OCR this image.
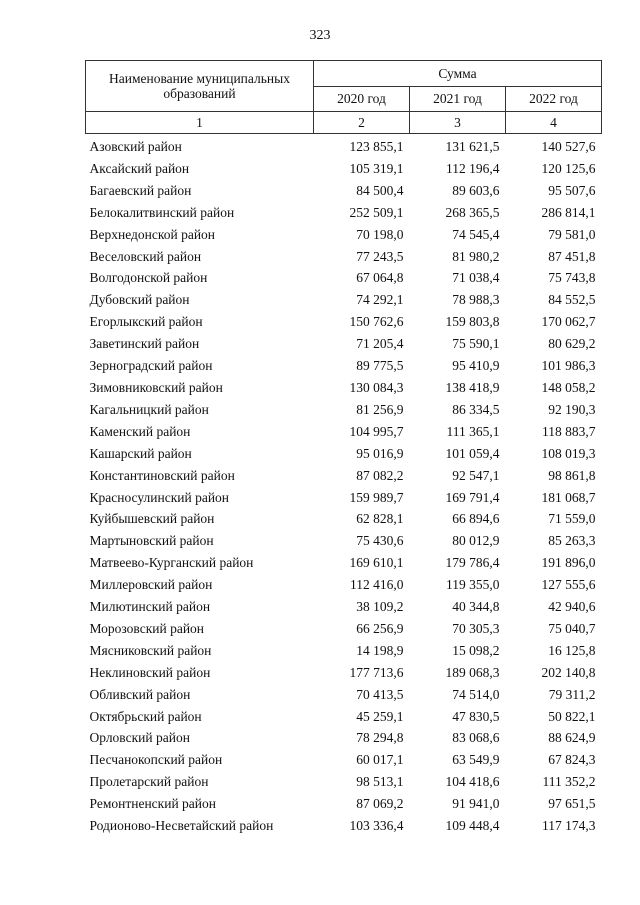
323
Наименование муниципальных образований	Сумма		
	2020 год	2021 год	2022 год
1	2	3	4
Азовский район	123 855,1	131 621,5	140 527,6
Аксайский район	105 319,1	112 196,4	120 125,6
Багаевский район	84 500,4	89 603,6	95 507,6
Белокалитвинский район	252 509,1	268 365,5	286 814,1
Верхнедонской район	70 198,0	74 545,4	79 581,0
Веселовский район	77 243,5	81 980,2	87 451,8
Волгодонской район	67 064,8	71 038,4	75 743,8
Дубовский район	74 292,1	78 988,3	84 552,5
Егорлыкский район	150 762,6	159 803,8	170 062,7
Заветинский район	71 205,4	75 590,1	80 629,2
Зерноградский район	89 775,5	95 410,9	101 986,3
Зимовниковский район	130 084,3	138 418,9	148 058,2
Кагальницкий район	81 256,9	86 334,5	92 190,3
Каменский район	104 995,7	111 365,1	118 883,7
Кашарский район	95 016,9	101 059,4	108 019,3
Константиновский район	87 082,2	92 547,1	98 861,8
Красносулинский район	159 989,7	169 791,4	181 068,7
Куйбышевский район	62 828,1	66 894,6	71 559,0
Мартыновский район	75 430,6	80 012,9	85 263,3
Матвеево-Курганский район	169 610,1	179 786,4	191 896,0
Миллеровский район	112 416,0	119 355,0	127 555,6
Милютинский район	38 109,2	40 344,8	42 940,6
Морозовский район	66 256,9	70 305,3	75 040,7
Мясниковский район	14 198,9	15 098,2	16 125,8
Неклиновский район	177 713,6	189 068,3	202 140,8
Обливский район	70 413,5	74 514,0	79 311,2
Октябрьский район	45 259,1	47 830,5	50 822,1
Орловский район	78 294,8	83 068,6	88 624,9
Песчанокопский район	60 017,1	63 549,9	67 824,3
Пролетарский район	98 513,1	104 418,6	111 352,2
Ремонтненский район	87 069,2	91 941,0	97 651,5
Родионово-Несветайский район	103 336,4	109 448,4	117 174,3
